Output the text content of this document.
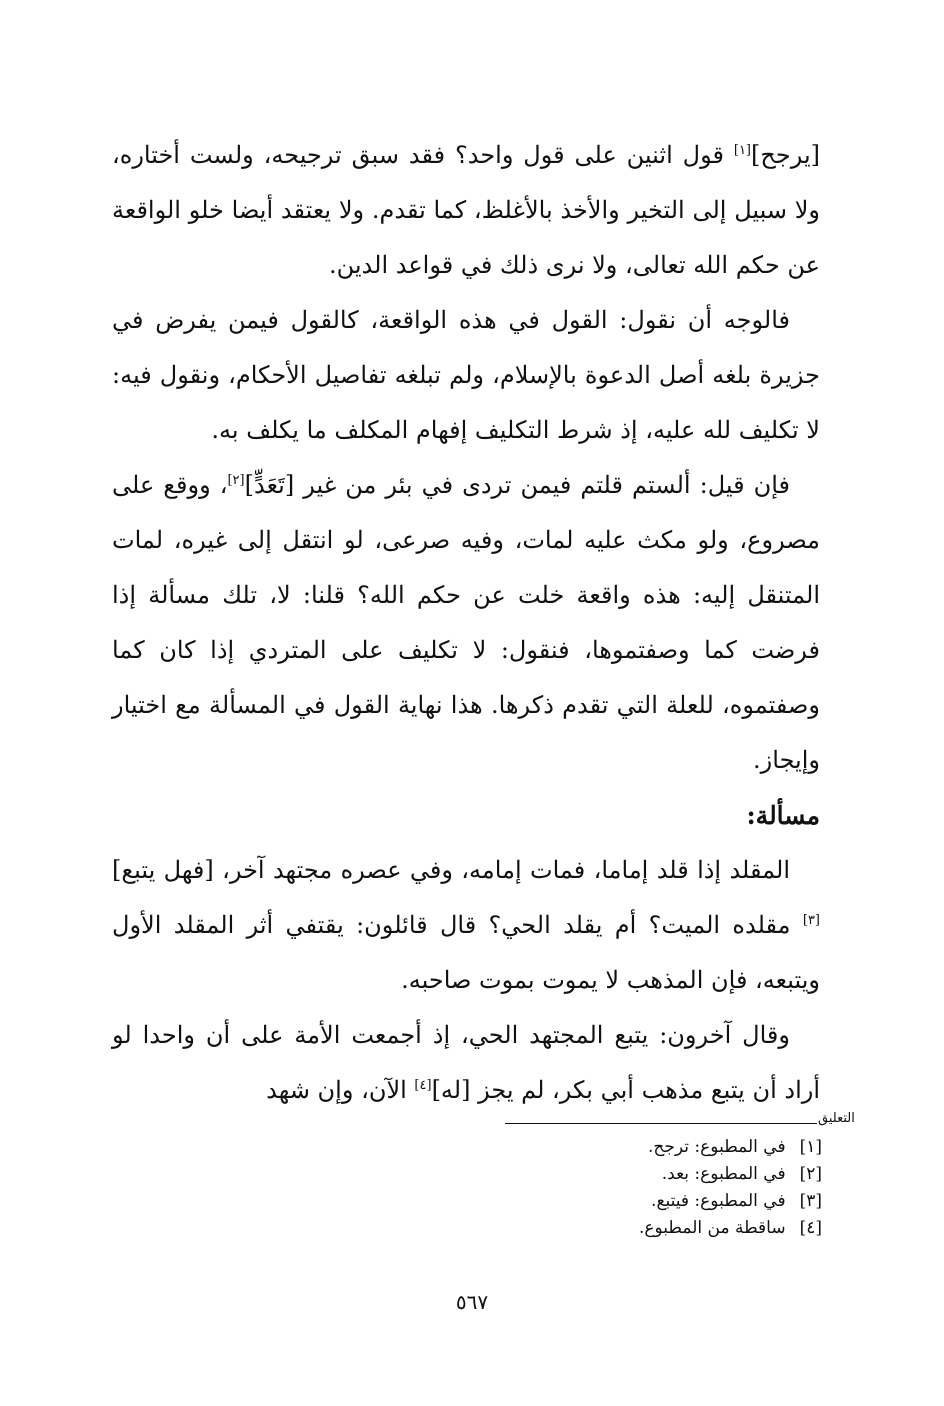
[يرجح][١] قول اثنين على قول واحد؟ فقد سبق ترجيحه، ولست أختاره، ولا سبيل إلى التخير والأخذ بالأغلظ، كما تقدم. ولا يعتقد أيضا خلو الواقعة عن حكم الله تعالى، ولا نرى ذلك في قواعد الدين.

فالوجه أن نقول: القول في هذه الواقعة، كالقول فيمن يفرض في جزيرة بلغه أصل الدعوة بالإسلام، ولم تبلغه تفاصيل الأحكام، ونقول فيه: لا تكليف لله عليه، إذ شرط التكليف إفهام المكلف ما يكلف به.

فإن قيل: ألستم قلتم فيمن تردى في بئر من غير [تَعَدٍّ][٢]، ووقع على مصروع، ولو مكث عليه لمات، وفيه صرعى، لو انتقل إلى غيره، لمات المتنقل إليه: هذه واقعة خلت عن حكم الله؟ قلنا: لا، تلك مسألة إذا فرضت كما وصفتموها، فنقول: لا تكليف على المتردي إذا كان كما وصفتموه، للعلة التي تقدم ذكرها. هذا نهاية القول في المسألة مع اختيار وإيجاز.

مسألة:

المقلد إذا قلد إماما، فمات إمامه، وفي عصره مجتهد آخر، [فهل يتبع][٣] مقلده الميت؟ أم يقلد الحي؟ قال قائلون: يقتفي أثر المقلد الأول ويتبعه، فإن المذهب لا يموت بموت صاحبه.

وقال آخرون: يتبع المجتهد الحي، إذ أجمعت الأمة على أن واحدا لو أراد أن يتبع مذهب أبي بكر، لم يجز [له][٤] الآن، وإن شهد

التعليق
[١]في المطبوع: ترجح.
[٢]في المطبوع: بعد.
[٣]في المطبوع: فيتبع.
[٤]ساقطة من المطبوع.
٥٦٧
